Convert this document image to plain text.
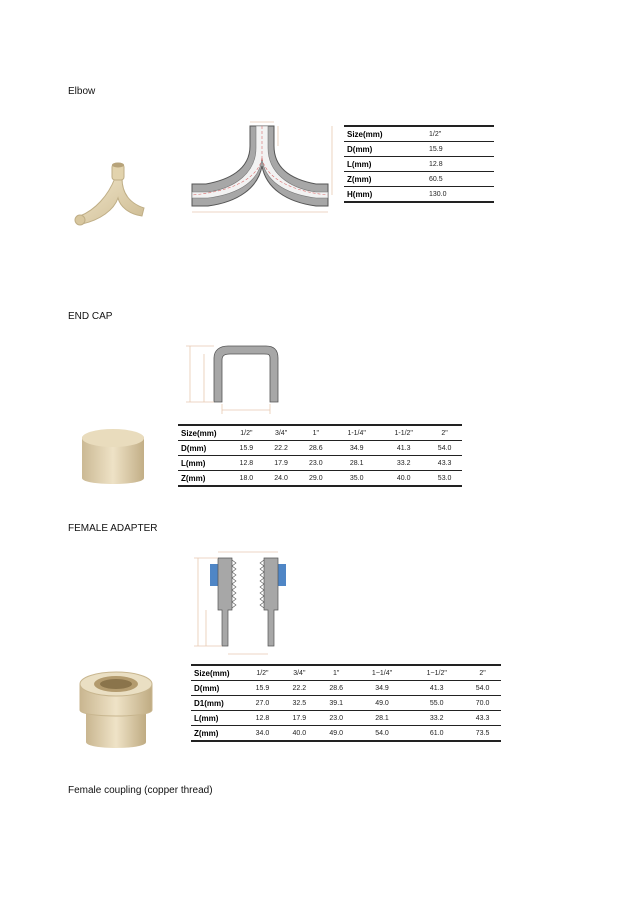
Elbow
Size(mm)	1/2"
D(mm)	15.9
L(mm)	12.8
Z(mm)	60.5
H(mm)	130.0
END CAP
Size(mm)	1/2"	3/4"	1"	1-1/4"	1-1/2"	2"
D(mm)	15.9	22.2	28.6	34.9	41.3	54.0
L(mm)	12.8	17.9	23.0	28.1	33.2	43.3
Z(mm)	18.0	24.0	29.0	35.0	40.0	53.0
FEMALE ADAPTER
Size(mm)	1/2"	3/4"	1"	1~1/4"	1~1/2"	2"
D(mm)	15.9	22.2	28.6	34.9	41.3	54.0
D1(mm)	27.0	32.5	39.1	49.0	55.0	70.0
L(mm)	12.8	17.9	23.0	28.1	33.2	43.3
Z(mm)	34.0	40.0	49.0	54.0	61.0	73.5
Female coupling (copper thread)
